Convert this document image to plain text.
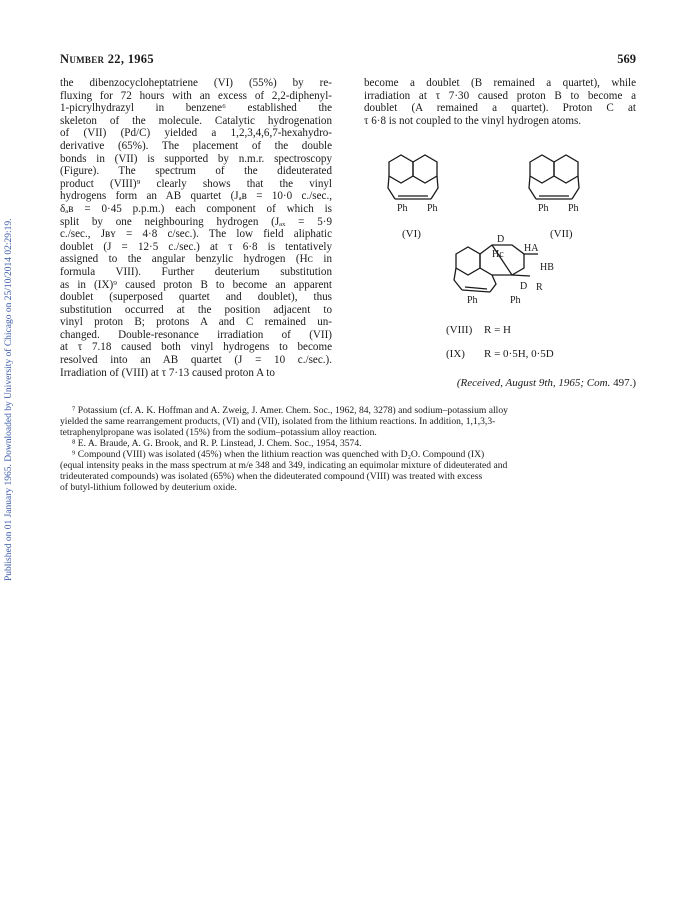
Published on 01 January 1965. Downloaded by University of Chicago on 25/10/2014 02:29:19.
Number 22, 1965	569
the dibenzocycloheptatriene (VI) (55%) by re-
fluxing for 72 hours with an excess of 2,2-diphenyl-
1-picrylhydrazyl in benzene⁶ established the
skeleton of the molecule. Catalytic hydrogenation
of (VII) (Pd/C) yielded a 1,2,3,4,6,7-hexahydro-
derivative (65%). The placement of the double
bonds in (VII) is supported by n.m.r. spectroscopy
(Figure). The spectrum of the dideuterated
product (VIII)⁹ clearly shows that the vinyl
hydrogens form an AB quartet (Jₐʙ = 10·0 c./sec.,
δₐʙ = 0·45 p.p.m.) each component of which is
split by one neighbouring hydrogen (Jₐₓ = 5·9
c./sec., Jʙʏ = 4·8 c/sec.). The low field aliphatic
doublet (J = 12·5 c./sec.) at τ 6·8 is tentatively
assigned to the angular benzylic hydrogen (Hᴄ in
formula VIII). Further deuterium substitution
as in (IX)⁹ caused proton B to become an apparent
doublet (superposed quartet and doublet), thus
substitution occurred at the position adjacent to
vinyl proton B; protons A and C remained un-
changed. Double-resonance irradiation of (VII)
at τ 7.18 caused both vinyl hydrogens to become
resolved into an AB quartet (J = 10 c./sec.).
Irradiation of (VIII) at τ 7·13 caused proton A to
become a doublet (B remained a quartet), while
irradiation at τ 7·30 caused proton B to become a
doublet (A remained a quartet). Proton C at
τ 6·8 is not coupled to the vinyl hydrogen atoms.
Ph Ph	Ph Ph
D
Hc
HA
HB
D R
Ph	Ph
(VI)	(VII)
(VIII) R = H
(IX) R = 0·5H, 0·5D
(Received, August 9th, 1965; Com. 497.)
⁷ Potassium (cf. A. K. Hoffman and A. Zweig, J. Amer. Chem. Soc., 1962, 84, 3278) and sodium–potassium alloy
yielded the same rearrangement products, (VI) and (VII), isolated from the lithium reactions. In addition, 1,1,3,3-
tetraphenylpropane was isolated (15%) from the sodium–potassium alloy reaction.
⁸ E. A. Braude, A. G. Brook, and R. P. Linstead, J. Chem. Soc., 1954, 3574.
⁹ Compound (VIII) was isolated (45%) when the lithium reaction was quenched with D₂O. Compound (IX)
(equal intensity peaks in the mass spectrum at m/e 348 and 349, indicating an equimolar mixture of dideuterated and
trideuterated compounds) was isolated (65%) when the dideuterated compound (VIII) was treated with excess
of butyl-lithium followed by deuterium oxide.
